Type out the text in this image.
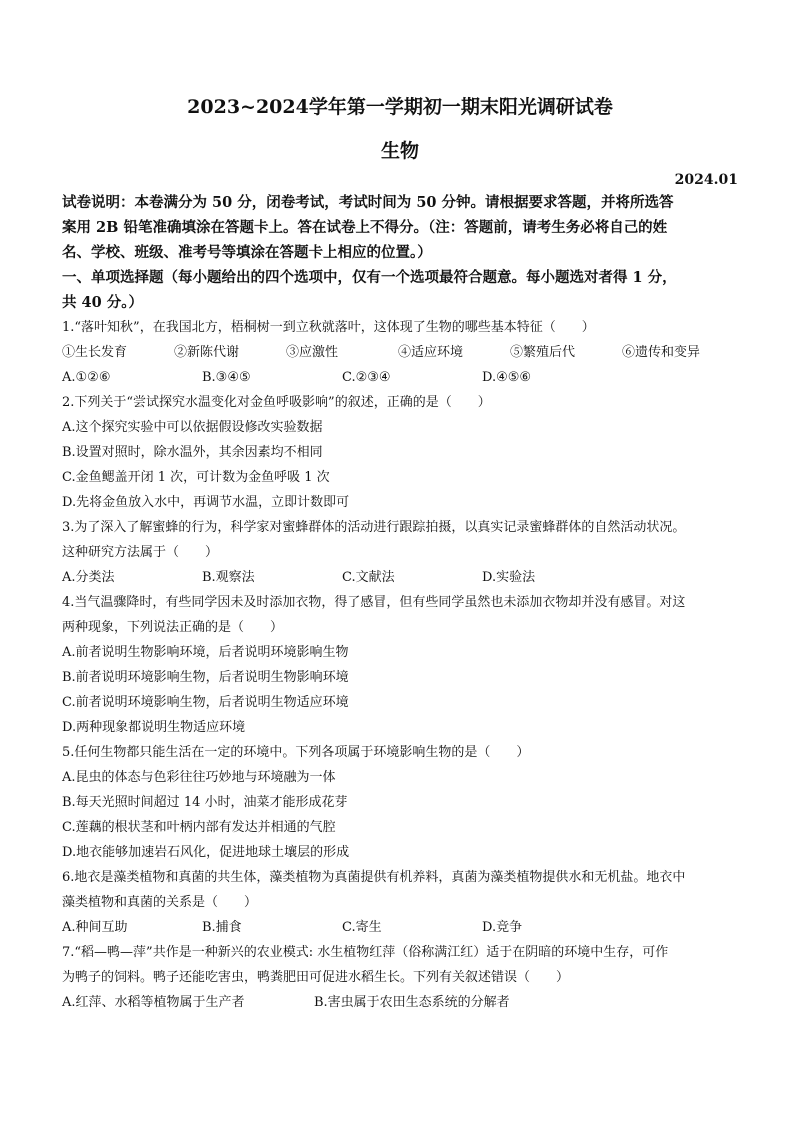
2023~2024学年第一学期初一期末阳光调研试卷
生物
2024.01
试卷说明：本卷满分为 50 分，闭卷考试，考试时间为 50 分钟。请根据要求答题，并将所选答
案用 2B 铅笔准确填涂在答题卡上。答在试卷上不得分。（注：答题前，请考生务必将自己的姓
名、学校、班级、准考号等填涂在答题卡上相应的位置。）
一、单项选择题（每小题给出的四个选项中，仅有一个选项最符合题意。每小题选对者得 1 分，
共 40 分。）
1.“落叶知秋”，在我国北方，梧桐树一到立秋就落叶，这体现了生物的哪些基本特征（　　）
①生长发育	②新陈代谢	③应激性	④适应环境	⑤繁殖后代	⑥遗传和变异
A.①②⑥	B.③④⑤	C.②③④	D.④⑤⑥
2.下列关于“尝试探究水温变化对金鱼呼吸影响”的叙述，正确的是（　　）
A.这个探究实验中可以依据假设修改实验数据
B.设置对照时，除水温外，其余因素均不相同
C.金鱼鳃盖开闭 1 次，可计数为金鱼呼吸 1 次
D.先将金鱼放入水中，再调节水温，立即计数即可
3.为了深入了解蜜蜂的行为，科学家对蜜蜂群体的活动进行跟踪拍摄，以真实记录蜜蜂群体的自然活动状况。
这种研究方法属于（　　）
A.分类法	B.观察法	C.文献法	D.实验法
4.当气温骤降时，有些同学因未及时添加衣物，得了感冒，但有些同学虽然也未添加衣物却并没有感冒。对这
两种现象，下列说法正确的是（　　）
A.前者说明生物影响环境，后者说明环境影响生物
B.前者说明环境影响生物，后者说明生物影响环境
C.前者说明环境影响生物，后者说明生物适应环境
D.两种现象都说明生物适应环境
5.任何生物都只能生活在一定的环境中。下列各项属于环境影响生物的是（　　）
A.昆虫的体态与色彩往往巧妙地与环境融为一体
B.每天光照时间超过 14 小时，油菜才能形成花芽
C.莲藕的根状茎和叶柄内部有发达并相通的气腔
D.地衣能够加速岩石风化，促进地球土壤层的形成
6.地衣是藻类植物和真菌的共生体，藻类植物为真菌提供有机养料，真菌为藻类植物提供水和无机盐。地衣中
藻类植物和真菌的关系是（　　）
A.种间互助	B.捕食	C.寄生	D.竞争
7.“稻—鸭—萍”共作是一种新兴的农业模式: 水生植物红萍（俗称满江红）适于在阴暗的环境中生存，可作
为鸭子的饲料。鸭子还能吃害虫，鸭粪肥田可促进水稻生长。下列有关叙述错误（　　）
A.红萍、水稻等植物属于生产者	B.害虫属于农田生态系统的分解者
